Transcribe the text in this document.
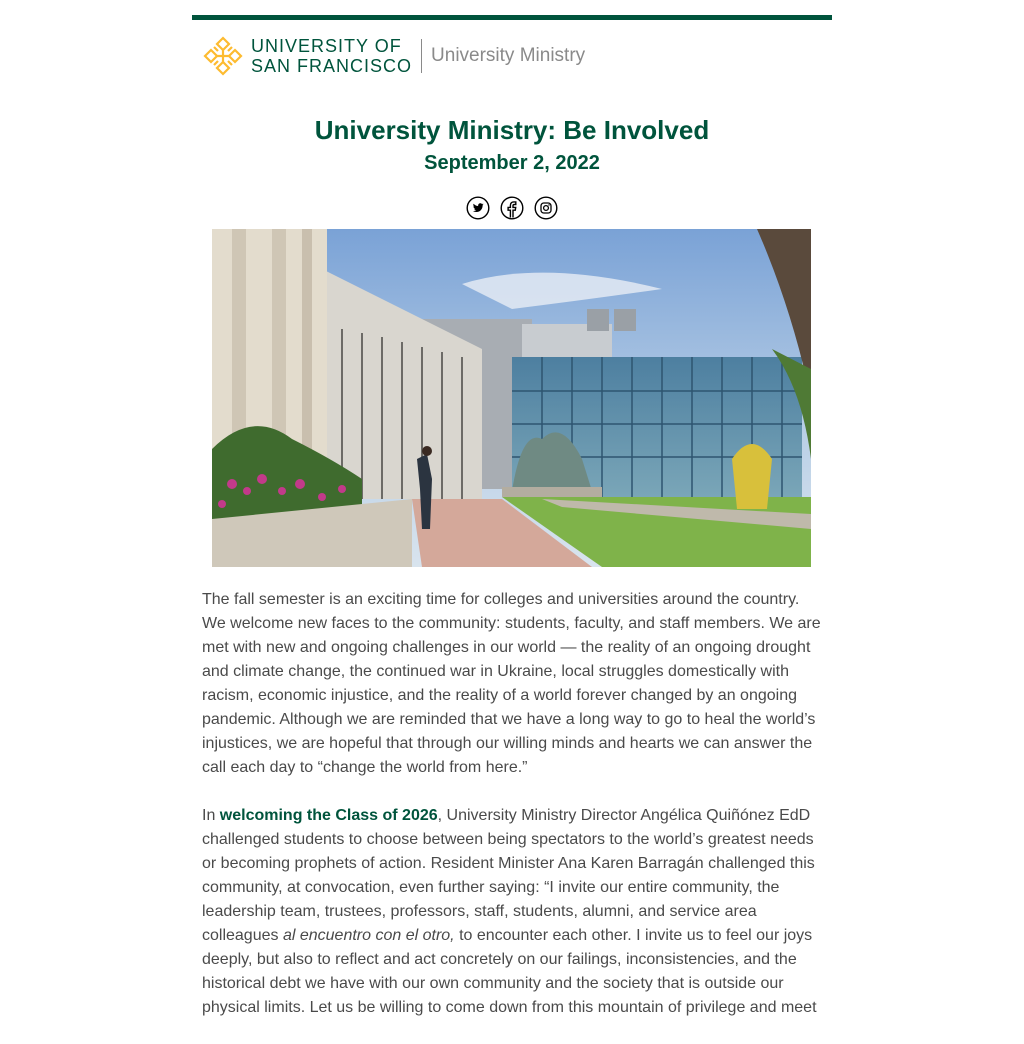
UNIVERSITY OF
SAN FRANCISCO University Ministry
University Ministry: Be Involved
September 2, 2022

The fall semester is an exciting time for colleges and universities around the country. We welcome new faces to the community: students, faculty, and staff members. We are met with new and ongoing challenges in our world — the reality of an ongoing drought and climate change, the continued war in Ukraine, local struggles domestically with racism, economic injustice, and the reality of a world forever changed by an ongoing pandemic. Although we are reminded that we have a long way to go to heal the world’s injustices, we are hopeful that through our willing minds and hearts we can answer the call each day to “change the world from here.”

In welcoming the Class of 2026, University Ministry Director Angélica Quiñónez EdD challenged students to choose between being spectators to the world’s greatest needs or becoming prophets of action. Resident Minister Ana Karen Barragán challenged this community, at convocation, even further saying: “I invite our entire community, the leadership team, trustees, professors, staff, students, alumni, and service area colleagues al encuentro con el otro, to encounter each other. I invite us to feel our joys deeply, but also to reflect and act concretely on our failings, inconsistencies, and the historical debt we have with our own community and the society that is outside our physical limits. Let us be willing to come down from this mountain of privilege and meet
